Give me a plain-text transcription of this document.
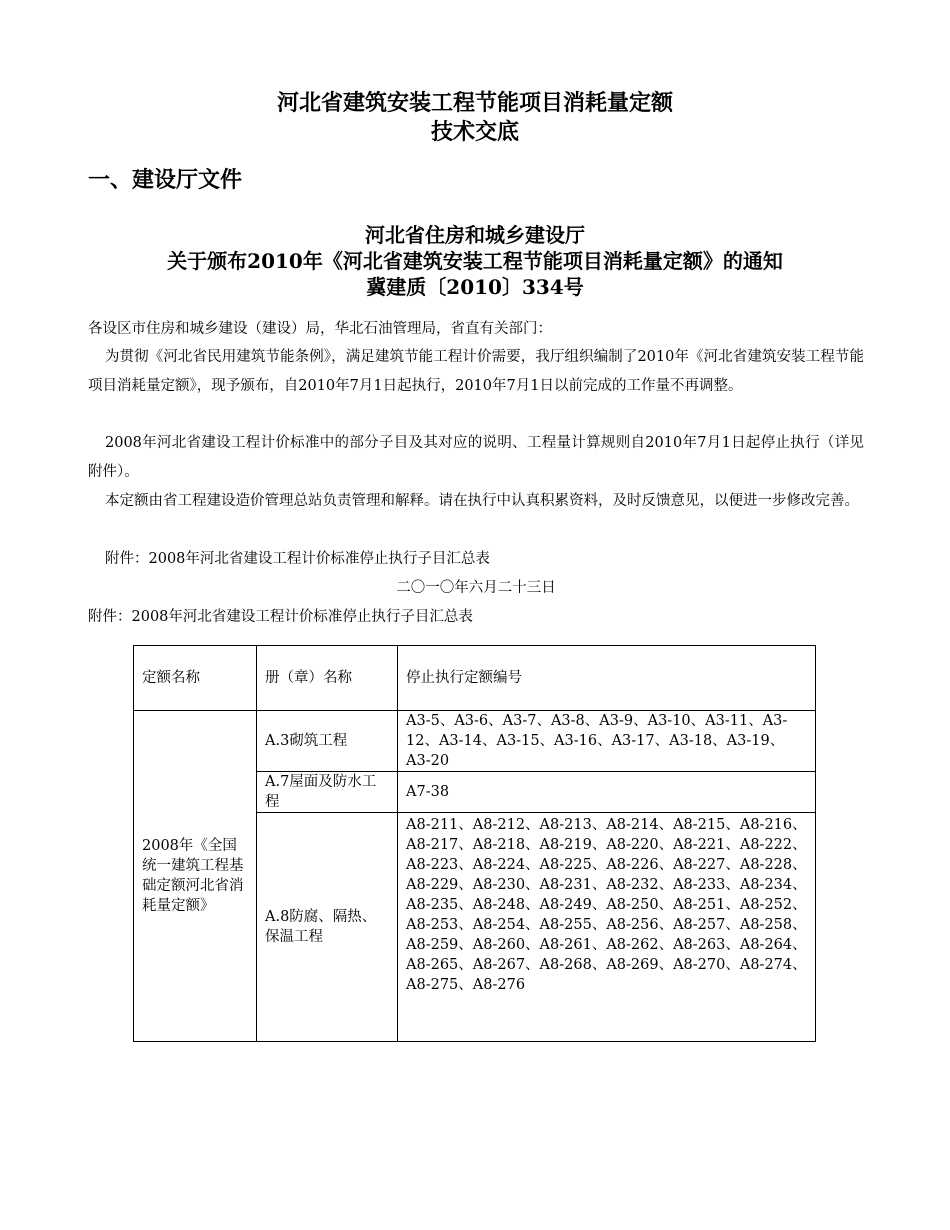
河北省建筑安装工程节能项目消耗量定额
技术交底
一、建设厅文件
河北省住房和城乡建设厅
关于颁布2010年《河北省建筑安装工程节能项目消耗量定额》的通知
冀建质〔2010〕334号
各设区市住房和城乡建设（建设）局，华北石油管理局，省直有关部门：
为贯彻《河北省民用建筑节能条例》，满足建筑节能工程计价需要，我厅组织编制了2010年《河北省建筑安装工程节能项目消耗量定额》，现予颁布，自2010年7月1日起执行，2010年7月1日以前完成的工作量不再调整。
2008年河北省建设工程计价标准中的部分子目及其对应的说明、工程量计算规则自2010年7月1日起停止执行（详见附件）。
本定额由省工程建设造价管理总站负责管理和解释。请在执行中认真积累资料，及时反馈意见，以便进一步修改完善。
附件：2008年河北省建设工程计价标准停止执行子目汇总表
二〇一〇年六月二十三日
附件：2008年河北省建设工程计价标准停止执行子目汇总表
定额名称	册（章）名称	停止执行定额编号
2008年《全国统一建筑工程基础定额河北省消耗量定额》	A.3砌筑工程	A3-5、A3-6、A3-7、A3-8、A3-9、A3-10、A3-11、A3-12、A3-14、A3-15、A3-16、A3-17、A3-18、A3-19、A3-20
	A.7屋面及防水工程	A7-38
	A.8防腐、隔热、保温工程	A8-211、A8-212、A8-213、A8-214、A8-215、A8-216、A8-217、A8-218、A8-219、A8-220、A8-221、A8-222、A8-223、A8-224、A8-225、A8-226、A8-227、A8-228、A8-229、A8-230、A8-231、A8-232、A8-233、A8-234、A8-235、A8-248、A8-249、A8-250、A8-251、A8-252、A8-253、A8-254、A8-255、A8-256、A8-257、A8-258、A8-259、A8-260、A8-261、A8-262、A8-263、A8-264、A8-265、A8-267、A8-268、A8-269、A8-270、A8-274、A8-275、A8-276
